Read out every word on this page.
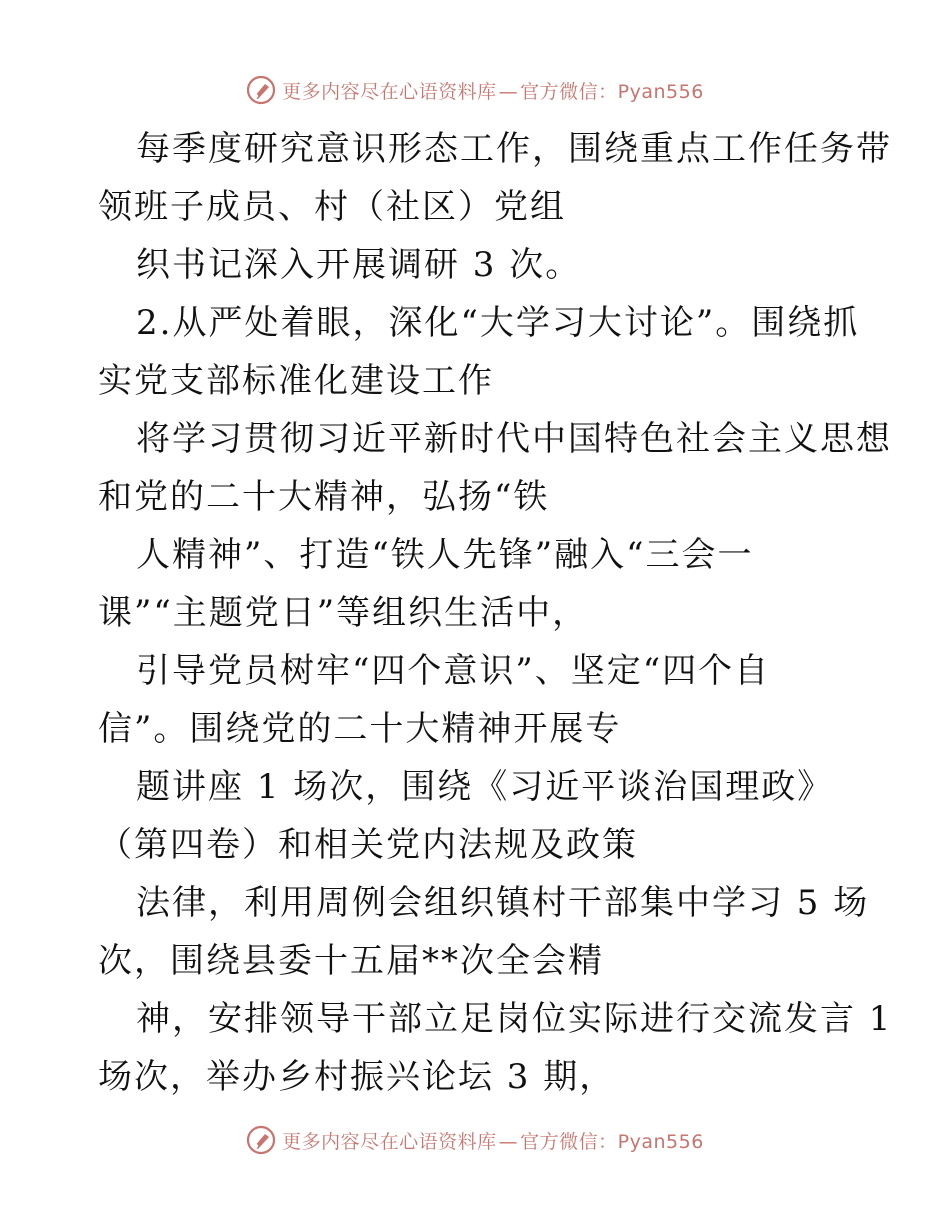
更多内容尽在心语资料库 — 官方微信：Pyan556
每季度研究意识形态工作，围绕重点工作任务带
领班子成员、村（社区）党组
织书记深入开展调研 3 次。
2.从严处着眼，深化“大学习大讨论”。围绕抓
实党支部标准化建设工作
将学习贯彻习近平新时代中国特色社会主义思想
和党的二十大精神，弘扬“铁
人精神”、打造“铁人先锋”融入“三会一
课”“主题党日”等组织生活中，
引导党员树牢“四个意识”、坚定“四个自
信”。围绕党的二十大精神开展专
题讲座 1 场次，围绕《习近平谈治国理政》
（第四卷）和相关党内法规及政策
法律，利用周例会组织镇村干部集中学习 5 场
次，围绕县委十五届**次全会精
神，安排领导干部立足岗位实际进行交流发言 1
场次，举办乡村振兴论坛 3 期，
更多内容尽在心语资料库 — 官方微信：Pyan556
